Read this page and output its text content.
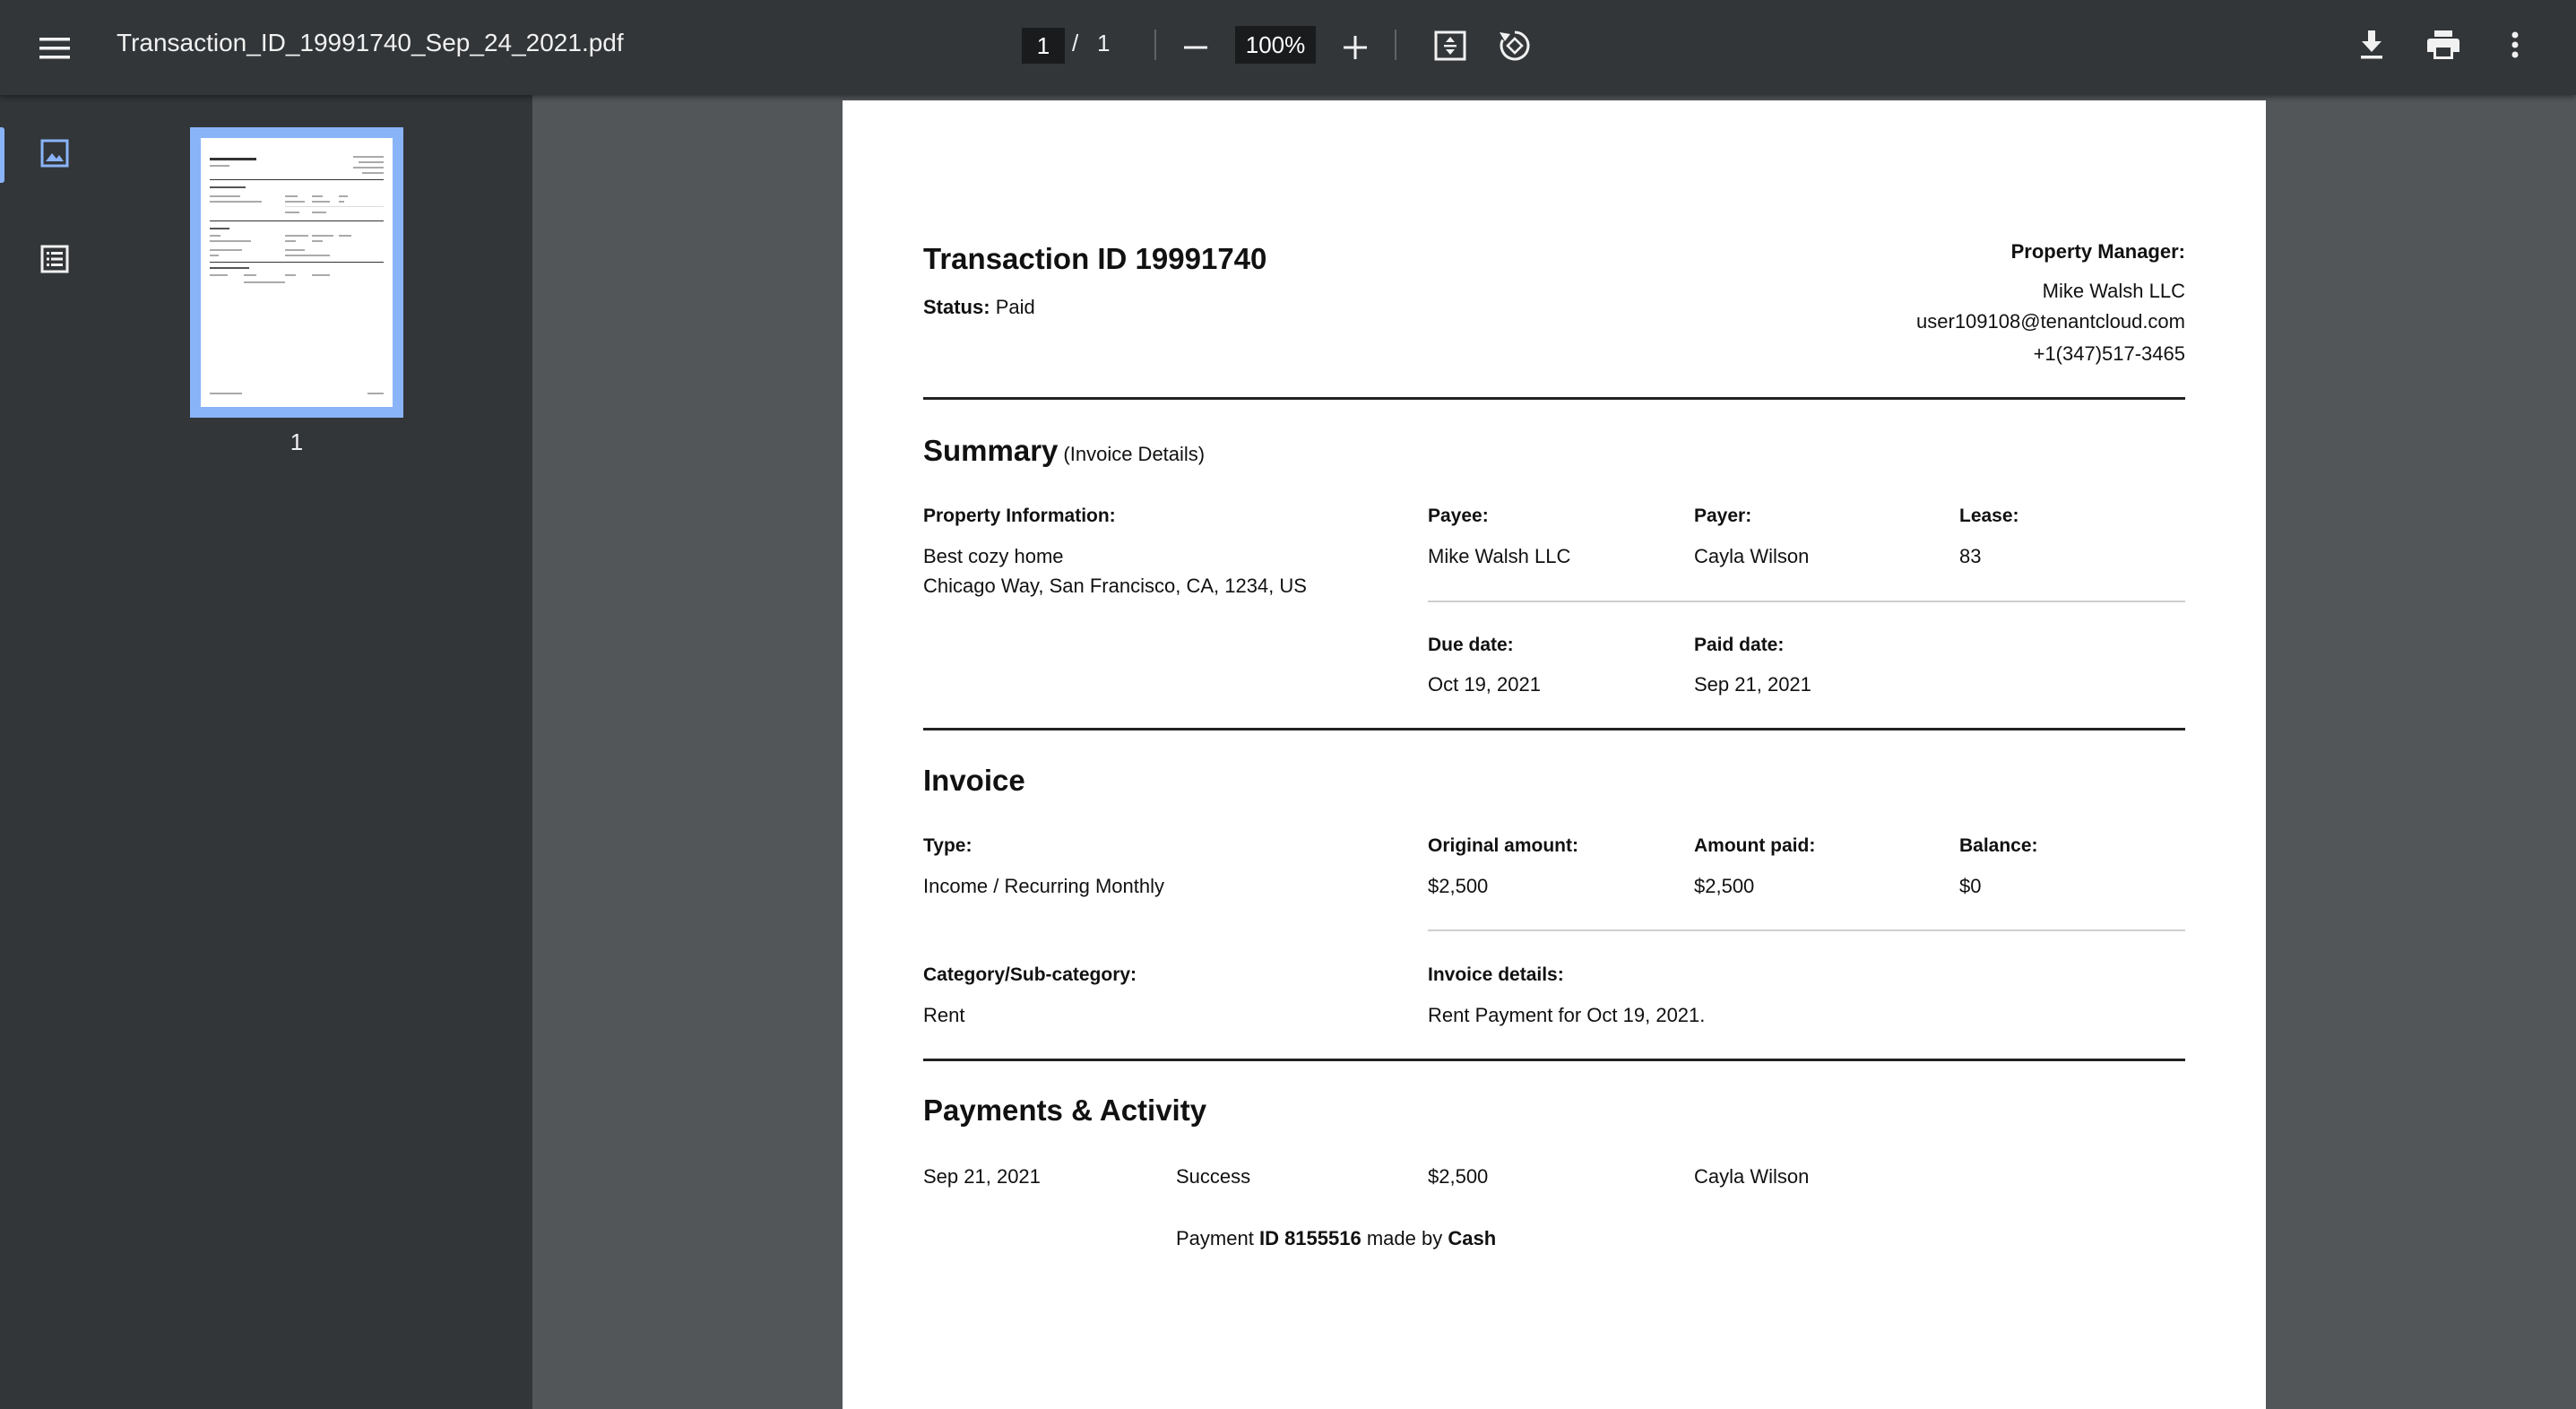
Transaction_ID_19991740_Sep_24_2021.pdf	1 / 1	100%
1
Transaction ID 19991740
Status: Paid
Property Manager:
Mike Walsh LLC
user109108@tenantcloud.com
+1(347)517-3465
Summary (Invoice Details)
Property Information:
Best cozy home
Chicago Way, San Francisco, CA, 1234, US
Payee:
Mike Walsh LLC
Payer:
Cayla Wilson
Lease:
83
Due date:
Oct 19, 2021
Paid date:
Sep 21, 2021
Invoice
Type:
Income / Recurring Monthly
Original amount:
$2,500
Amount paid:
$2,500
Balance:
$0
Category/Sub-category:
Rent
Invoice details:
Rent Payment for Oct 19, 2021.
Payments & Activity
Sep 21, 2021	Success	$2,500	Cayla Wilson
Payment ID 8155516 made by Cash
